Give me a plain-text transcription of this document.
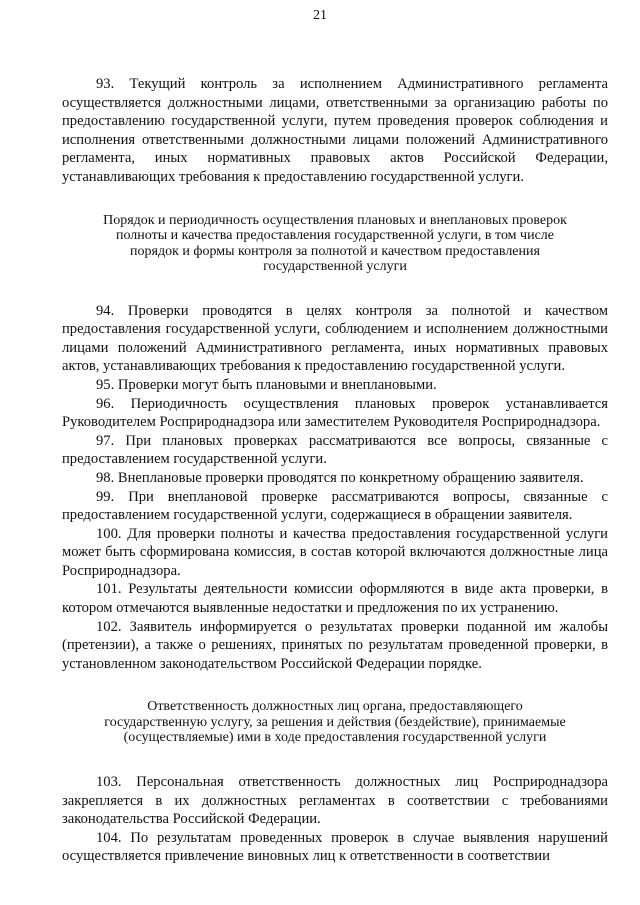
21

93. Текущий контроль за исполнением Административного регламента осуществляется должностными лицами, ответственными за организацию работы по предоставлению государственной услуги, путем проведения проверок соблюдения и исполнения ответственными должностными лицами положений Административного регламента, иных нормативных правовых актов Российской Федерации, устанавливающих требования к предоставлению государственной услуги.

Порядок и периодичность осуществления плановых и внеплановых проверок полноты и качества предоставления государственной услуги, в том числе порядок и формы контроля за полнотой и качеством предоставления государственной услуги

94. Проверки проводятся в целях контроля за полнотой и качеством предоставления государственной услуги, соблюдением и исполнением должностными лицами положений Административного регламента, иных нормативных правовых актов, устанавливающих требования к предоставлению государственной услуги.

95. Проверки могут быть плановыми и внеплановыми.

96. Периодичность осуществления плановых проверок устанавливается Руководителем Росприроднадзора или заместителем Руководителя Росприроднадзора.

97. При плановых проверках рассматриваются все вопросы, связанные с предоставлением государственной услуги.

98. Внеплановые проверки проводятся по конкретному обращению заявителя.

99. При внеплановой проверке рассматриваются вопросы, связанные с предоставлением государственной услуги, содержащиеся в обращении заявителя.

100. Для проверки полноты и качества предоставления государственной услуги может быть сформирована комиссия, в состав которой включаются должностные лица Росприроднадзора.

101. Результаты деятельности комиссии оформляются в виде акта проверки, в котором отмечаются выявленные недостатки и предложения по их устранению.

102. Заявитель информируется о результатах проверки поданной им жалобы (претензии), а также о решениях, принятых по результатам проведенной проверки, в установленном законодательством Российской Федерации порядке.

Ответственность должностных лиц органа, предоставляющего государственную услугу, за решения и действия (бездействие), принимаемые (осуществляемые) ими в ходе предоставления государственной услуги

103. Персональная ответственность должностных лиц Росприроднадзора закрепляется в их должностных регламентах в соответствии с требованиями законодательства Российской Федерации.

104. По результатам проведенных проверок в случае выявления нарушений осуществляется привлечение виновных лиц к ответственности в соответствии
